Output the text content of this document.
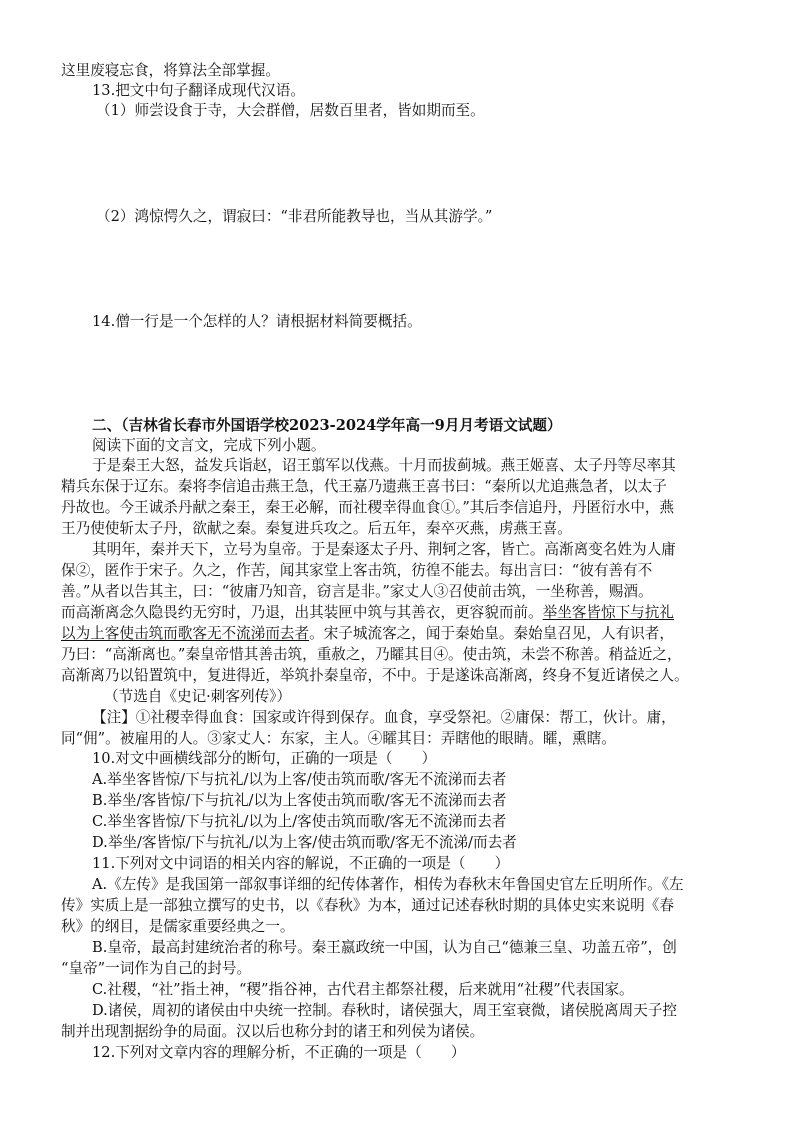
这里废寝忘食，将算法全部掌握。
13.把文中句子翻译成现代汉语。
（1）师尝设食于寺，大会群僧，居数百里者，皆如期而至。
（2）鸿惊愕久之，谓寂曰：“非君所能教导也，当从其游学。”
14.僧一行是一个怎样的人？请根据材料简要概括。
二、（吉林省长春市外国语学校2023-2024学年高一9月月考语文试题）
阅读下面的文言文，完成下列小题。
于是秦王大怒，益发兵诣赵，诏王翦军以伐燕。十月而拔蓟城。燕王姬喜、太子丹等尽率其
精兵东保于辽东。秦将李信追击燕王急，代王嘉乃遗燕王喜书曰：“秦所以尤追燕急者，以太子
丹故也。今王诚杀丹献之秦王，秦王必解，而社稷幸得血食①。”其后李信追丹，丹匿衍水中，燕
王乃使使斩太子丹，欲献之秦。秦复进兵攻之。后五年，秦卒灭燕，虏燕王喜。
其明年，秦并天下，立号为皇帝。于是秦逐太子丹、荆轲之客，皆亡。高渐离变名姓为人庸
保②，匿作于宋子。久之，作苦，闻其家堂上客击筑，彷徨不能去。每出言曰：“彼有善有不
善。”从者以告其主，曰：“彼庸乃知音，窃言是非。”家丈人③召使前击筑，一坐称善，赐酒。
而高渐离念久隐畏约无穷时，乃退，出其装匣中筑与其善衣，更容貌而前。举坐客皆惊下与抗礼
以为上客使击筑而歌客无不流涕而去者。宋子城流客之，闻于秦始皇。秦始皇召见，人有识者，
乃曰：“高渐离也。”秦皇帝惜其善击筑，重赦之，乃矐其目④。使击筑，未尝不称善。稍益近之，
高渐离乃以铅置筑中，复进得近，举筑扑秦皇帝，不中。于是遂诛高渐离，终身不复近诸侯之人。
（节选自《史记·刺客列传》）
【注】①社稷幸得血食：国家或许得到保存。血食，享受祭祀。②庸保：帮工，伙计。庸，
同“佣”。被雇用的人。③家丈人：东家，主人。④矐其目：弄瞎他的眼睛。矐，熏瞎。
10.对文中画横线部分的断句，正确的一项是（　　）
A.举坐客皆惊/下与抗礼/以为上客/使击筑而歌/客无不流涕而去者
B.举坐/客皆惊/下与抗礼/以为上客使击筑而歌/客无不流涕而去者
C.举坐客皆惊/下与抗礼/以为上/客使击筑而歌/客无不流涕而去者
D.举坐/客皆惊/下与抗礼/以为上客/使击筑而歌/客无不流涕/而去者
11.下列对文中词语的相关内容的解说，不正确的一项是（　　）
A.《左传》是我国第一部叙事详细的纪传体著作，相传为春秋末年鲁国史官左丘明所作。《左
传》实质上是一部独立撰写的史书，以《春秋》为本，通过记述春秋时期的具体史实来说明《春
秋》的纲目，是儒家重要经典之一。
B.皇帝，最高封建统治者的称号。秦王嬴政统一中国，认为自己“德兼三皇、功盖五帝”，创
“皇帝”一词作为自己的封号。
C.社稷，“社”指土神，“稷”指谷神，古代君主都祭社稷，后来就用“社稷”代表国家。
D.诸侯，周初的诸侯由中央统一控制。春秋时，诸侯强大，周王室衰微，诸侯脱离周天子控
制并出现割据纷争的局面。汉以后也称分封的诸王和列侯为诸侯。
12.下列对文章内容的理解分析，不正确的一项是（　　）
